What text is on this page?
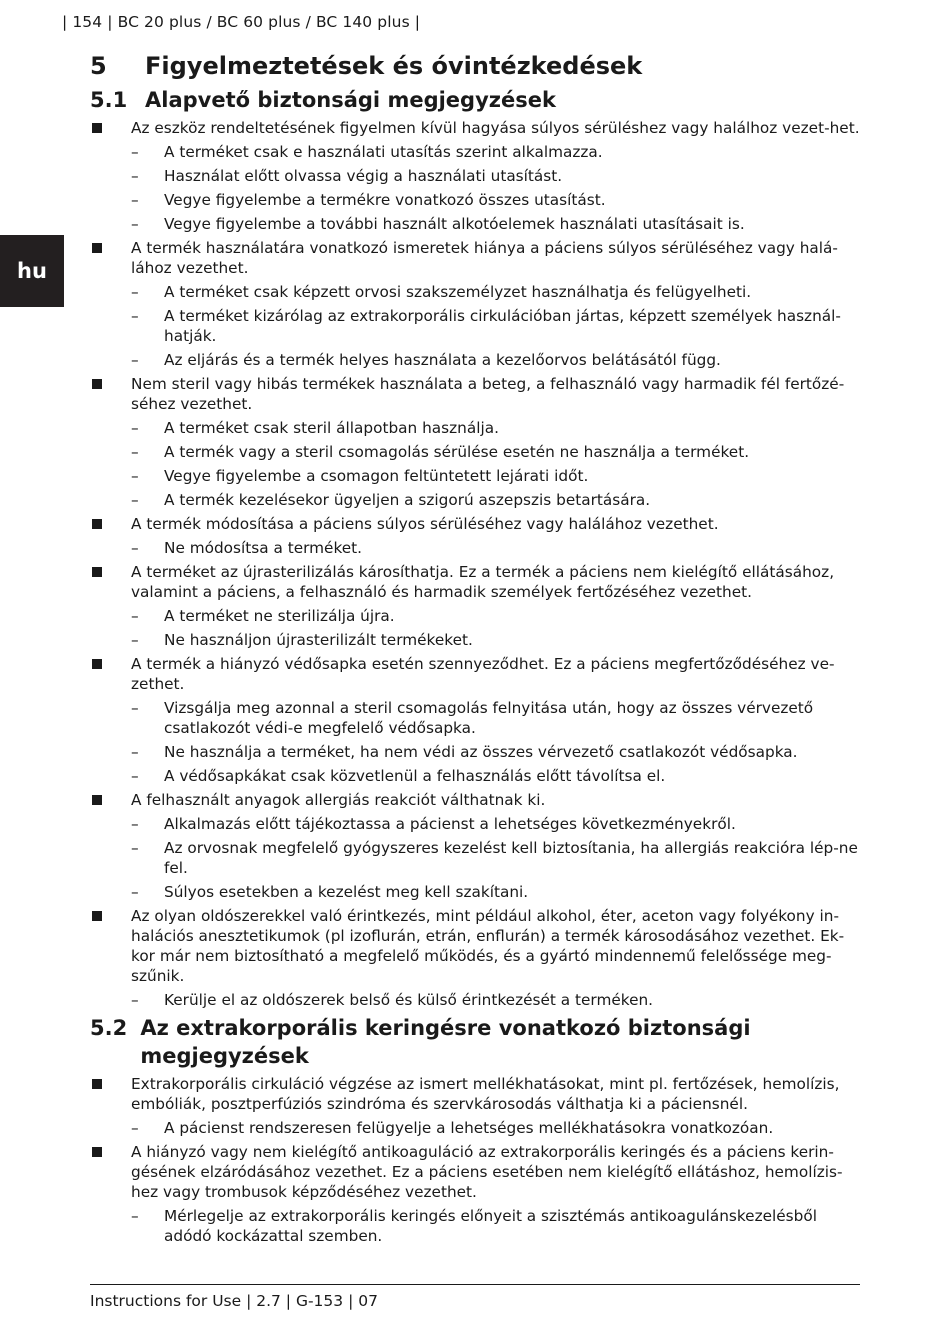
| 154 | BC 20 plus / BC 60 plus / BC 140 plus |
hu
5	Figyelmeztetések és óvintézkedések
5.1 Alapvető biztonsági megjegyzések
Az eszköz rendeltetésének figyelmen kívül hagyása súlyos sérüléshez vagy halálhoz vezet-het.
– A terméket csak e használati utasítás szerint alkalmazza.
– Használat előtt olvassa végig a használati utasítást.
– Vegye figyelembe a termékre vonatkozó összes utasítást.
– Vegye figyelembe a további használt alkotóelemek használati utasításait is.
A termék használatára vonatkozó ismeretek hiánya a páciens súlyos sérüléséhez vagy halá-lához vezethet.
– A terméket csak képzett orvosi szakszemélyzet használhatja és felügyelheti.
– A terméket kizárólag az extrakorporális cirkulációban jártas, képzett személyek használ-hatják.
– Az eljárás és a termék helyes használata a kezelőorvos belátásától függ.
Nem steril vagy hibás termékek használata a beteg, a felhasználó vagy harmadik fél fertőzé-séhez vezethet.
– A terméket csak steril állapotban használja.
– A termék vagy a steril csomagolás sérülése esetén ne használja a terméket.
– Vegye figyelembe a csomagon feltüntetett lejárati időt.
– A termék kezelésekor ügyeljen a szigorú aszepszis betartására.
A termék módosítása a páciens súlyos sérüléséhez vagy halálához vezethet.
– Ne módosítsa a terméket.
A terméket az újrasterilizálás károsíthatja. Ez a termék a páciens nem kielégítő ellátásához, valamint a páciens, a felhasználó és harmadik személyek fertőzéséhez vezethet.
– A terméket ne sterilizálja újra.
– Ne használjon újrasterilizált termékeket.
A termék a hiányzó védősapka esetén szennyeződhet. Ez a páciens megfertőződéséhez ve-zethet.
– Vizsgálja meg azonnal a steril csomagolás felnyitása után, hogy az összes vérvezető csatlakozót védi-e megfelelő védősapka.
– Ne használja a terméket, ha nem védi az összes vérvezető csatlakozót védősapka.
– A védősapkákat csak közvetlenül a felhasználás előtt távolítsa el.
A felhasznált anyagok allergiás reakciót válthatnak ki.
– Alkalmazás előtt tájékoztassa a pácienst a lehetséges következményekről.
– Az orvosnak megfelelő gyógyszeres kezelést kell biztosítania, ha allergiás reakcióra lép-ne fel.
– Súlyos esetekben a kezelést meg kell szakítani.
Az olyan oldószerekkel való érintkezés, mint például alkohol, éter, aceton vagy folyékony in-halációs anesztetikumok (pl izoflurán, etrán, enflurán) a termék károsodásához vezethet. Ek-kor már nem biztosítható a megfelelő működés, és a gyártó mindennemű felelőssége meg-szűnik.
– Kerülje el az oldószerek belső és külső érintkezését a terméken.
5.2 Az extrakorporális keringésre vonatkozó biztonsági megjegyzések
Extrakorporális cirkuláció végzése az ismert mellékhatásokat, mint pl. fertőzések, hemolízis, embóliák, posztperfúziós szindróma és szervkárosodás válthatja ki a páciensnél.
– A pácienst rendszeresen felügyelje a lehetséges mellékhatásokra vonatkozóan.
A hiányzó vagy nem kielégítő antikoaguláció az extrakorporális keringés és a páciens kerin-gésének elzáródásához vezethet. Ez a páciens esetében nem kielégítő ellátáshoz, hemolízis-hez vagy trombusok képződéséhez vezethet.
– Mérlegelje az extrakorporális keringés előnyeit a szisztémás antikoagulánskezelésből adódó kockázattal szemben.
Instructions for Use | 2.7 | G-153 | 07
